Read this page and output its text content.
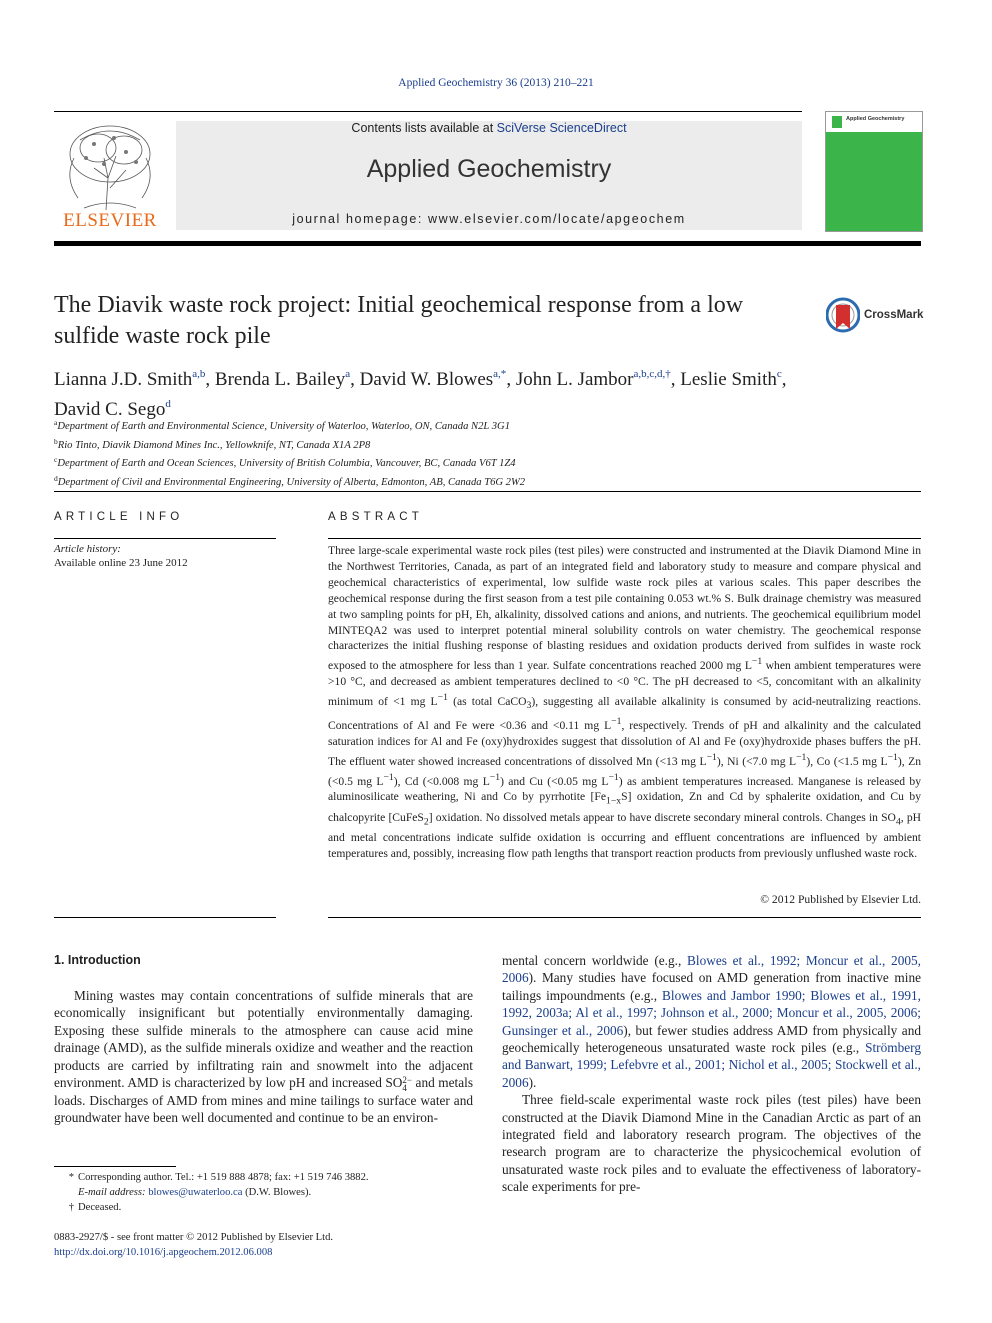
Applied Geochemistry 36 (2013) 210–221
ELSEVIER
Contents lists available at SciVerse ScienceDirect
Applied Geochemistry
journal homepage: www.elsevier.com/locate/apgeochem
Applied Geochemistry
The Diavik waste rock project: Initial geochemical response from a low sulfide waste rock pile
CrossMark
Lianna J.D. Smith$^{a,b}$, Brenda L. Bailey$^a$, David W. Blowes$^{a,*}$, John L. Jambor$^{a,b,c,d,\dagger}$, Leslie Smith$^c$,
David C. Sego$^d$
$^a$Department of Earth and Environmental Science, University of Waterloo, Waterloo, ON, Canada N2L 3G1
$^b$Rio Tinto, Diavik Diamond Mines Inc., Yellowknife, NT, Canada X1A 2P8
$^c$Department of Earth and Ocean Sciences, University of British Columbia, Vancouver, BC, Canada V6T 1Z4
$^d$Department of Civil and Environmental Engineering, University of Alberta, Edmonton, AB, Canada T6G 2W2
ARTICLE INFO
Article history:
Available online 23 June 2012
ABSTRACT
Three large-scale experimental waste rock piles (test piles) were constructed and instrumented at the Diavik Diamond Mine in the Northwest Territories, Canada, as part of an integrated field and laboratory study to measure and compare physical and geochemical characteristics of experimental, low sulfide waste rock piles at various scales. This paper describes the geochemical response during the first season from a test pile containing 0.053 wt.% S. Bulk drainage chemistry was measured at two sampling points for pH, Eh, alkalinity, dissolved cations and anions, and nutrients. The geochemical equilibrium model MINTEQA2 was used to interpret potential mineral solubility controls on water chemistry. The geochemical response characterizes the initial flushing response of blasting residues and oxidation products derived from sulfides in waste rock exposed to the atmosphere for less than 1 year. Sulfate concentrations reached 2000 mg $L^{-1}$ when ambient temperatures were >10 °C, and decreased as ambient temperatures declined to <0 °C. The pH decreased to <5, concomitant with an alkalinity minimum of <1 mg $L^{-1}$ (as total CaCO$_3$), suggesting all available alkalinity is consumed by acid-neutralizing reactions. Concentrations of Al and Fe were <0.36 and <0.11 mg $L^{-1}$, respectively. Trends of pH and alkalinity and the calculated saturation indices for Al and Fe (oxy)hydroxides suggest that dissolution of Al and Fe (oxy)hydroxide phases buffers the pH. The effluent water showed increased concentrations of dissolved Mn (<13 mg $L^{-1}$), Ni (<7.0 mg $L^{-1}$), Co (<1.5 mg $L^{-1}$), Zn (<0.5 mg $L^{-1}$), Cd (<0.008 mg $L^{-1}$) and Cu (<0.05 mg $L^{-1}$) as ambient temperatures increased. Manganese is released by aluminosilicate weathering, Ni and Co by pyrrhotite $[Fe_{1-x}S]$ oxidation, Zn and Cd by sphalerite oxidation, and Cu by chalcopyrite [CuFeS$_2$] oxidation. No dissolved metals appear to have discrete secondary mineral controls. Changes in $SO_4$, pH and metal concentrations indicate sulfide oxidation is occurring and effluent concentrations are influenced by ambient temperatures and, possibly, increasing flow path lengths that transport reaction products from previously unflushed waste rock.
© 2012 Published by Elsevier Ltd.
1. Introduction
Mining wastes may contain concentrations of sulfide minerals that are economically insignificant but potentially environmentally damaging. Exposing these sulfide minerals to the atmosphere can cause acid mine drainage (AMD), as the sulfide minerals oxidize and weather and the reaction products are carried by infiltrating rain and snowmelt into the adjacent environment. AMD is characterized by low pH and increased SO 2−
4 and metals loads. Discharges of AMD from mines and mine tailings to surface water and groundwater have been well documented and continue to be an environ-
mental concern worldwide (e.g., Blowes et al., 1992; Moncur et al., 2005, 2006). Many studies have focused on AMD generation from inactive mine tailings impoundments (e.g., Blowes and Jambor 1990; Blowes et al., 1991, 1992, 2003a; Al et al., 1997; Johnson et al., 2000; Moncur et al., 2005, 2006; Gunsinger et al., 2006), but fewer studies address AMD from physically and geochemically heterogeneous unsaturated waste rock piles (e.g., Strömberg and Banwart, 1999; Lefebvre et al., 2001; Nichol et al., 2005; Stockwell et al., 2006).
Three field-scale experimental waste rock piles (test piles) have been constructed at the Diavik Diamond Mine in the Canadian Arctic as part of an integrated field and laboratory research program. The objectives of the research program are to characterize the physicochemical evolution of unsaturated waste rock piles and to evaluate the effectiveness of laboratory-scale experiments for pre-
* Corresponding author. Tel.: +1 519 888 4878; fax: +1 519 746 3882.
E-mail address: blowes@uwaterloo.ca (D.W. Blowes).
† Deceased.
0883-2927/$ - see front matter © 2012 Published by Elsevier Ltd.
http://dx.doi.org/10.1016/j.apgeochem.2012.06.008
